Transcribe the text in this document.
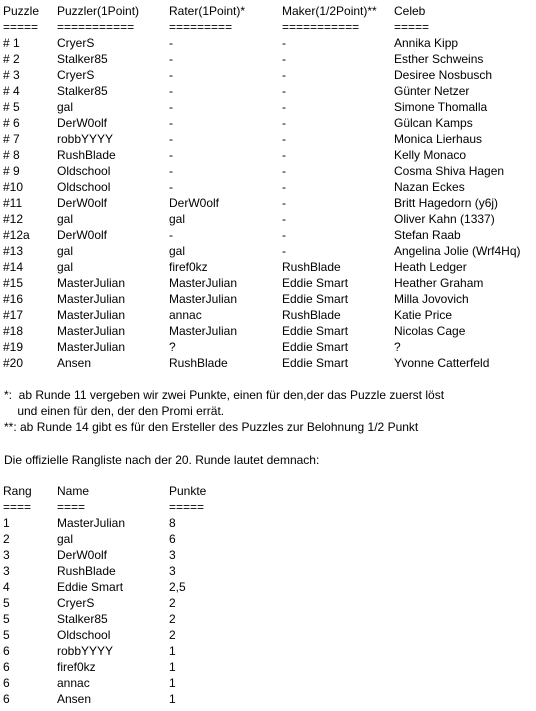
Puzzle Puzzler(1Point) Rater(1Point)*	Maker(1/2Point)** Celeb
===== ===========	=========	===========	=====
# 1	CryerS	-	-	Annika Kipp
# 2	Stalker85	-	-	Esther Schweins
# 3	CryerS	-	-	Desiree Nosbusch
# 4	Stalker85	-	-	Günter Netzer
# 5	gal	-	-	Simone Thomalla
# 6	DerW0olf	-	-	Gülcan Kamps
# 7	robbYYYY	-	-	Monica Lierhaus
# 8	RushBlade	-	-	Kelly Monaco
# 9	Oldschool	-	-	Cosma Shiva Hagen
#10	Oldschool	-	-	Nazan Eckes
#11	DerW0olf	DerW0olf	-	Britt Hagedorn (y6j)
#12	gal	gal	-	Oliver Kahn (1337)
#12a DerW0olf	-	-	Stefan Raab
#13	gal	gal	-	Angelina Jolie (Wrf4Hq)
#14	gal	firef0kz	RushBlade	Heath Ledger
#15	MasterJulian	MasterJulian	Eddie Smart	Heather Graham
#16	MasterJulian	MasterJulian	Eddie Smart	Milla Jovovich
#17	MasterJulian	annac	RushBlade	Katie Price
#18	MasterJulian	MasterJulian	Eddie Smart	Nicolas Cage
#19	MasterJulian	?	Eddie Smart	?
#20	Ansen	RushBlade	Eddie Smart	Yvonne Catterfeld
*:  ab Runde 11 vergeben wir zwei Punkte, einen für den,der das Puzzle zuerst löst
und einen für den, der den Promi errät.
**: ab Runde 14 gibt es für den Ersteller des Puzzles zur Belohnung 1/2 Punkt
Die offizielle Rangliste nach der 20. Runde lautet demnach:
Rang Name	Punkte
==== ====	=====
1	MasterJulian	8
2	gal	6
3	DerW0olf	3
3	RushBlade	3
4	Eddie Smart	2,5
5	CryerS	2
5	Stalker85	2
5	Oldschool	2
6	robbYYYY	1
6	firef0kz	1
6	annac	1
6	Ansen	1
